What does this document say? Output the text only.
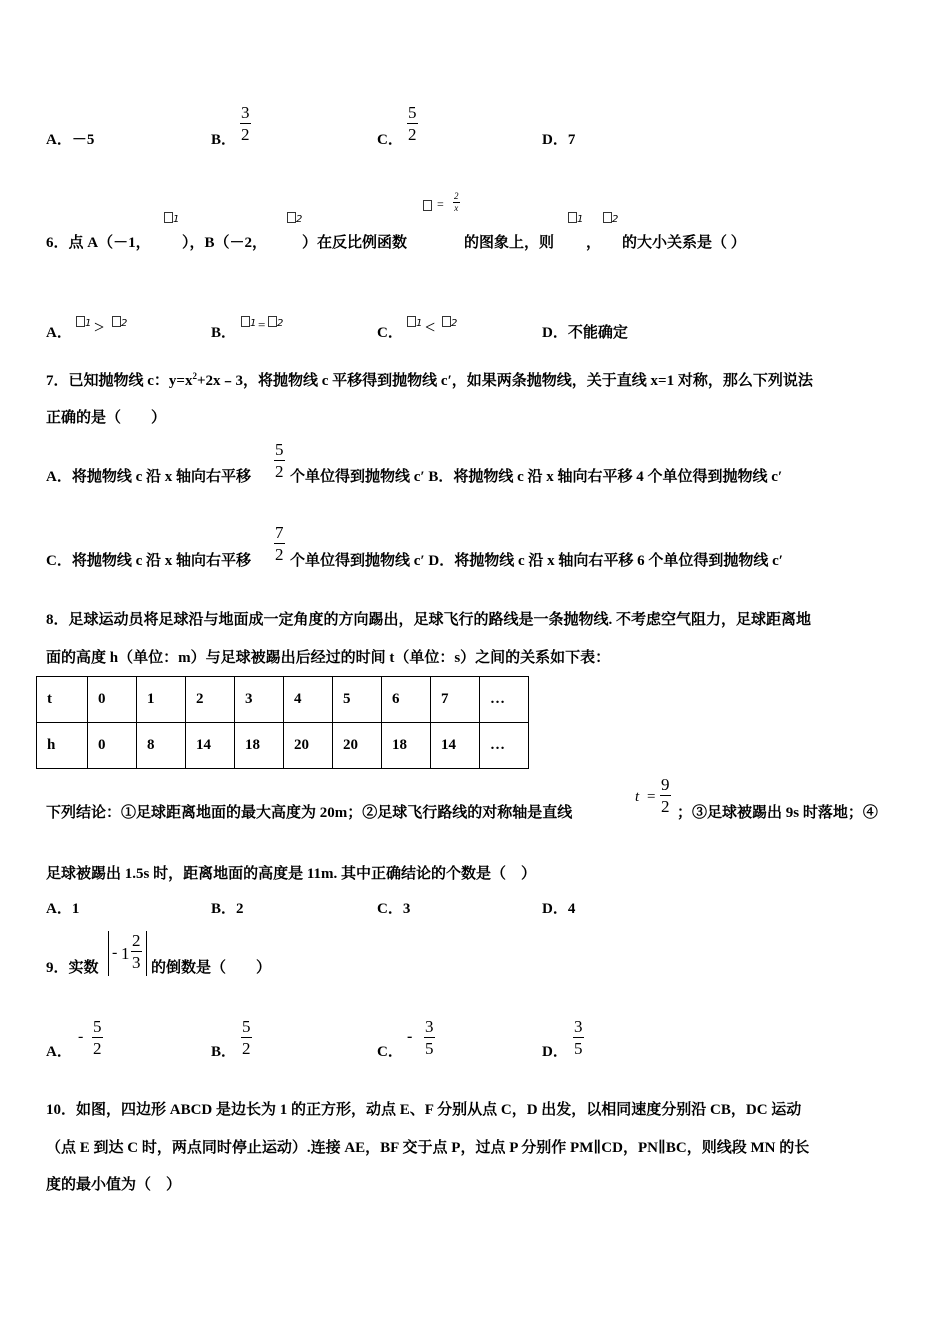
A．－5	B．
3
2	C．
5
2	D．7
6．点 A（－1，
1
），B（－2，
2
）在反比例函数
=
2
x
的图象上，则
1
，
2
的大小关系是（ ）
A．
1 >	2
B．
1 =	2
C．
1 <	2
D．不能确定
7．已知抛物线 c：$y=x^2+2x﹣3$，将抛物线 c 平移得到抛物线 c′，如果两条抛物线，关于直线 x=1 对称，那么下列说法
正确的是（　　）
A．将抛物线 c 沿 x 轴向右平移
5
2 个单位得到抛物线 c′ B．将抛物线 c 沿 x 轴向右平移 4 个单位得到抛物线 c′
C．将抛物线 c 沿 x 轴向右平移
7
2 个单位得到抛物线 c′ D．将抛物线 c 沿 x 轴向右平移 6 个单位得到抛物线 c′
8．足球运动员将足球沿与地面成一定角度的方向踢出，足球飞行的路线是一条抛物线. 不考虑空气阻力，足球距离地
面的高度 h（单位：m）与足球被踢出后经过的时间 t（单位：s）之间的关系如下表：
t	0	1	2	3	4	5	6	7	…
h	0	8	14	18	20	20	18	14	…
下列结论：①足球距离地面的最大高度为 20m；②足球飞行路线的对称轴是直线
t =
9
2 ；③足球被踢出 9s 时落地；④
足球被踢出 1.5s 时，距离地面的高度是 11m. 其中正确结论的个数是（　）
A．1	B．2	C．3	D．4
9．实数
- 1
2
3 的倒数是（　　）
A．
-
5
2	B．
5
2	C．
-
3
5	D．
3
5
10．如图，四边形 ABCD 是边长为 1 的正方形，动点 E、F 分别从点 C，D 出发，以相同速度分别沿 CB，DC 运动
（点 E 到达 C 时，两点同时停止运动）.连接 AE，BF 交于点 P，过点 P 分别作 PM∥CD，PN∥BC，则线段 MN 的长
度的最小值为（　）
